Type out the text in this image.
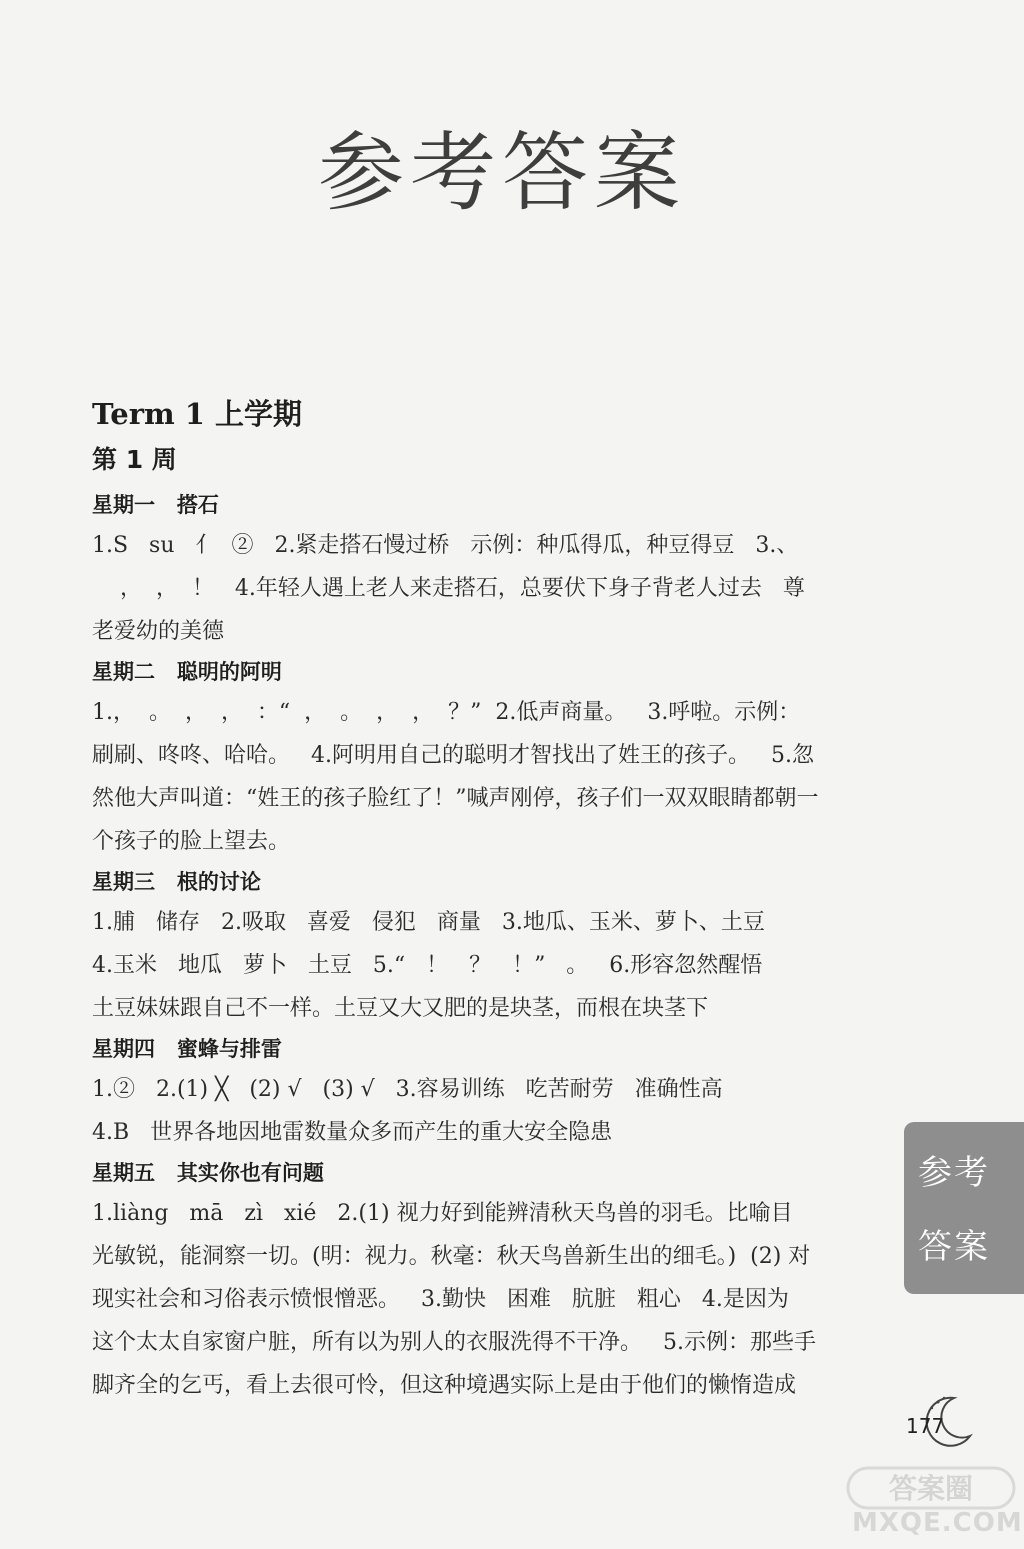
参考答案
Term 1 上学期
第 1 周
星期一   搭石
1.S   su   亻  ②   2.紧走搭石慢过桥   示例：种瓜得瓜，种豆得豆   3.、
，  ，  ！   4.年轻人遇上老人来走搭石，总要伏下身子背老人过去   尊
老爱幼的美德
星期二   聪明的阿明
1.，  。  ，  ，  ：“  ，  。  ，  ，  ？”  2.低声商量。   3.呼啦。示例：
刷刷、咚咚、哈哈。   4.阿明用自己的聪明才智找出了姓王的孩子。   5.忽
然他大声叫道：“姓王的孩子脸红了！”喊声刚停，孩子们一双双眼睛都朝一
个孩子的脸上望去。
星期三   根的讨论
1.脯   储存   2.吸取   喜爱   侵犯   商量   3.地瓜、玉米、萝卜、土豆
4.玉米   地瓜   萝卜   土豆   5.“   ！   ？   ！”   。   6.形容忽然醒悟
土豆妹妹跟自己不一样。土豆又大又肥的是块茎，而根在块茎下
星期四   蜜蜂与排雷
1.②   2.(1) ╳   (2) √   (3) √   3.容易训练   吃苦耐劳   准确性高
4.B   世界各地因地雷数量众多而产生的重大安全隐患
星期五   其实你也有问题
1.liàng   mā   zì   xié   2.(1) 视力好到能辨清秋天鸟兽的羽毛。比喻目
光敏锐，能洞察一切。(明：视力。秋毫：秋天鸟兽新生出的细毛。)  (2) 对
现实社会和习俗表示愤恨憎恶。   3.勤快   困难   肮脏   粗心   4.是因为
这个太太自家窗户脏，所有以为别人的衣服洗得不干净。   5.示例：那些手
脚齐全的乞丐，看上去很可怜，但这种境遇实际上是由于他们的懒惰造成
参考答案
177
答案圈
MXQE.COM
